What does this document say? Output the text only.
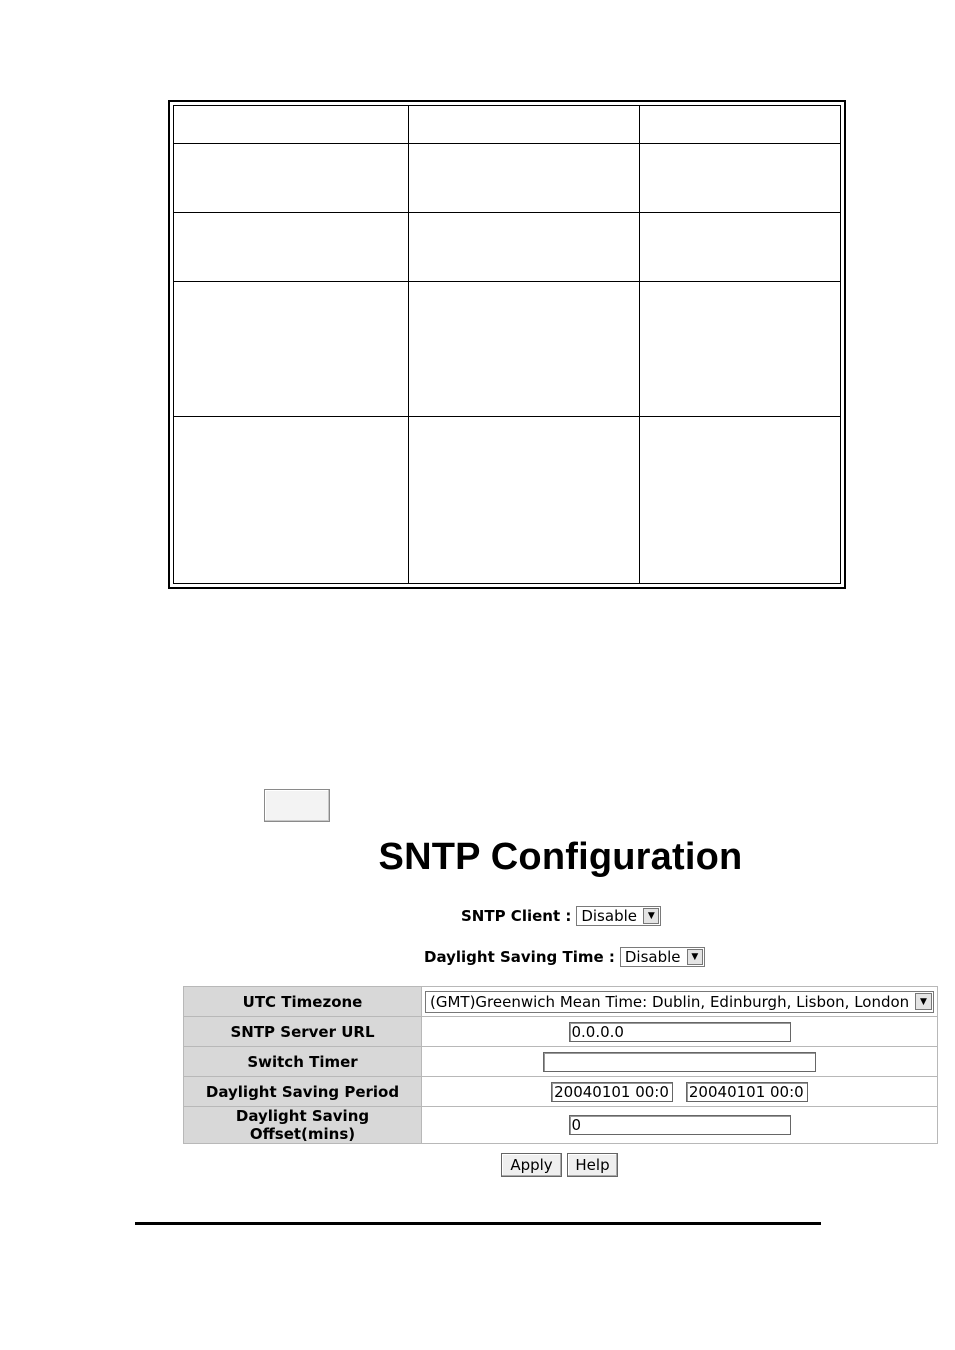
SNTP Configuration
SNTP Client : Disable	▼
Daylight Saving Time : Disable	▼
UTC Timezone	(GMT)Greenwich Mean Time: Dublin, Edinburgh, Lisbon, London ▼

SNTP Server URL	0.0.0.0
Switch Timer	
Daylight Saving Period	20040101 00:0 20040101 00:0
Daylight Saving Offset(mins)	0
Apply	Help
